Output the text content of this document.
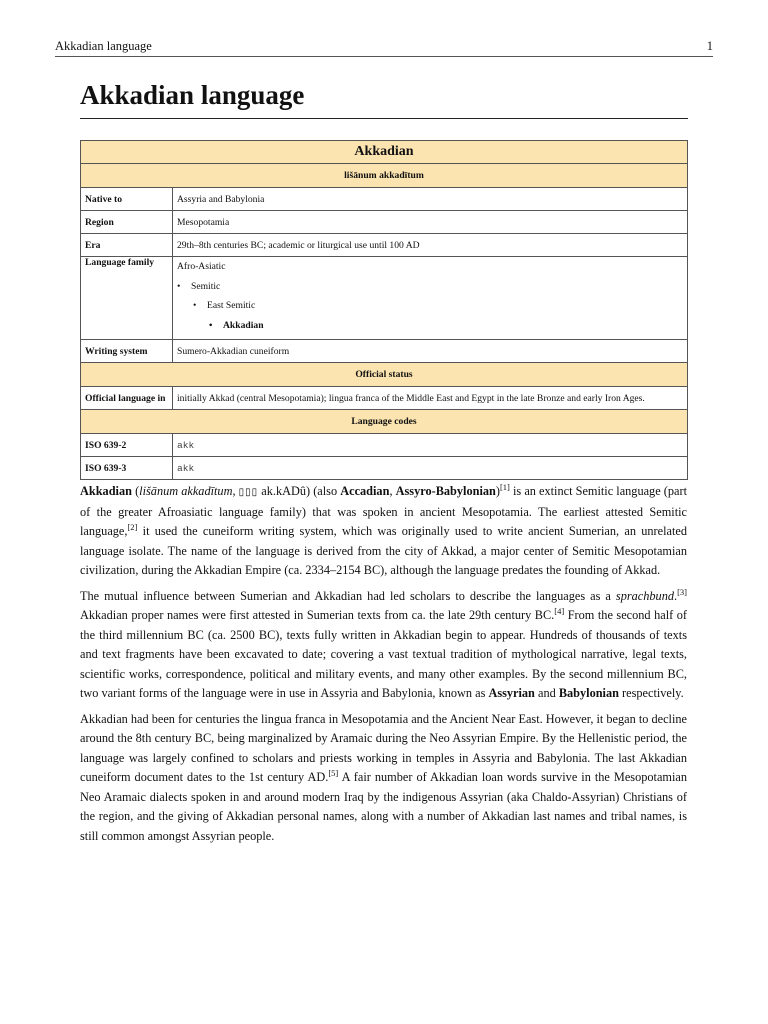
Akkadian language	1
Akkadian language
Akkadian	
lišānum akkadītum	
Native to	Assyria and Babylonia
Region	Mesopotamia
Era	29th–8th centuries BC; academic or liturgical use until 100 AD
Language family	Afro-Asiatic
• Semitic
• East Semitic
• Akkadian

Writing system	Sumero-Akkadian cuneiform
Official status	
Official language in	initially Akkad (central Mesopotamia); lingua franca of the Middle East and Egypt in the late Bronze and early Iron Ages.
Language codes	
ISO 639-2	akk
ISO 639-3	akk

Akkadian (lišānum akkadītum, ▯▯▯ ak.kADû) (also Accadian, Assyro-Babylonian)[1] is an extinct Semitic language (part of the greater Afroasiatic language family) that was spoken in ancient Mesopotamia. The earliest attested Semitic language,[2] it used the cuneiform writing system, which was originally used to write ancient Sumerian, an unrelated language isolate. The name of the language is derived from the city of Akkad, a major center of Semitic Mesopotamian civilization, during the Akkadian Empire (ca. 2334–2154 BC), although the language predates the founding of Akkad.

The mutual influence between Sumerian and Akkadian had led scholars to describe the languages as a sprachbund.[3] Akkadian proper names were first attested in Sumerian texts from ca. the late 29th century BC.[4] From the second half of the third millennium BC (ca. 2500 BC), texts fully written in Akkadian begin to appear. Hundreds of thousands of texts and text fragments have been excavated to date; covering a vast textual tradition of mythological narrative, legal texts, scientific works, correspondence, political and military events, and many other examples. By the second millennium BC, two variant forms of the language were in use in Assyria and Babylonia, known as Assyrian and Babylonian respectively.

Akkadian had been for centuries the lingua franca in Mesopotamia and the Ancient Near East. However, it began to decline around the 8th century BC, being marginalized by Aramaic during the Neo Assyrian Empire. By the Hellenistic period, the language was largely confined to scholars and priests working in temples in Assyria and Babylonia. The last Akkadian cuneiform document dates to the 1st century AD.[5] A fair number of Akkadian loan words survive in the Mesopotamian Neo Aramaic dialects spoken in and around modern Iraq by the indigenous Assyrian (aka Chaldo-Assyrian) Christians of the region, and the giving of Akkadian personal names, along with a number of Akkadian last names and tribal names, is still common amongst Assyrian people.
